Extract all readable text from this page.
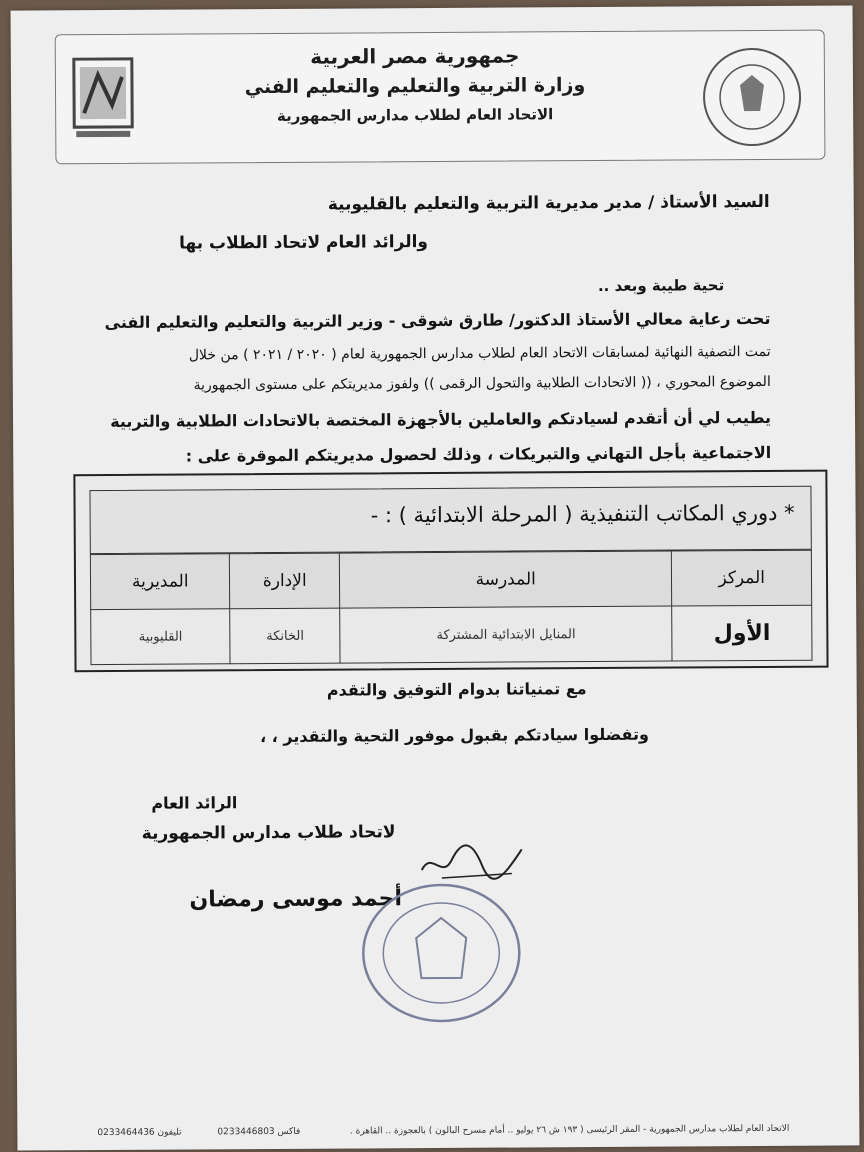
جمهورية مصر العربية
وزارة التربية والتعليم والتعليم الفني
الاتحاد العام لطلاب مدارس الجمهورية
السيد الأستاذ / مدير مديرية التربية والتعليم بالقليوبية
والرائد العام لاتحاد الطلاب بها
تحية طيبة وبعد ..
تحت رعاية معالي الأستاذ الدكتور/ طارق شوقى - وزير التربية والتعليم والتعليم الفنى
تمت التصفية النهائية لمسابقات الاتحاد العام لطلاب مدارس الجمهورية لعام ( ٢٠٢٠ / ٢٠٢١ ) من خلال
الموضوع المحوري ، (( الاتحادات الطلابية والتحول الرقمى )) ولفوز مديريتكم على مستوى الجمهورية
يطيب لي أن أتقدم لسيادتكم والعاملين بالأجهزة المختصة بالاتحادات الطلابية والتربية
الاجتماعية بأجل التهاني والتبريكات ، وذلك لحصول مديريتكم الموقرة على :
* دوري المكاتب التنفيذية ( المرحلة الابتدائية ) : -
المركز	المدرسة	الإدارة	المديرية
الأول	المنايل الابتدائية المشتركة	الخانكة	القليوبية
مع تمنياتنا بدوام التوفيق والتقدم
وتفضلوا سيادتكم بقبول موفور التحية والتقدير ، ،
الرائد العام
لاتحاد طلاب مدارس الجمهورية
أحمد موسى رمضان
الاتحاد العام لطلاب مدارس الجمهورية - المقر الرئيسى ( ١٩٣ ش ٢٦ يوليو .. أمام مسرح البالون ) بالعجوزة .. القاهرة .
0233446803 فاكس
0233464436 تليفون
